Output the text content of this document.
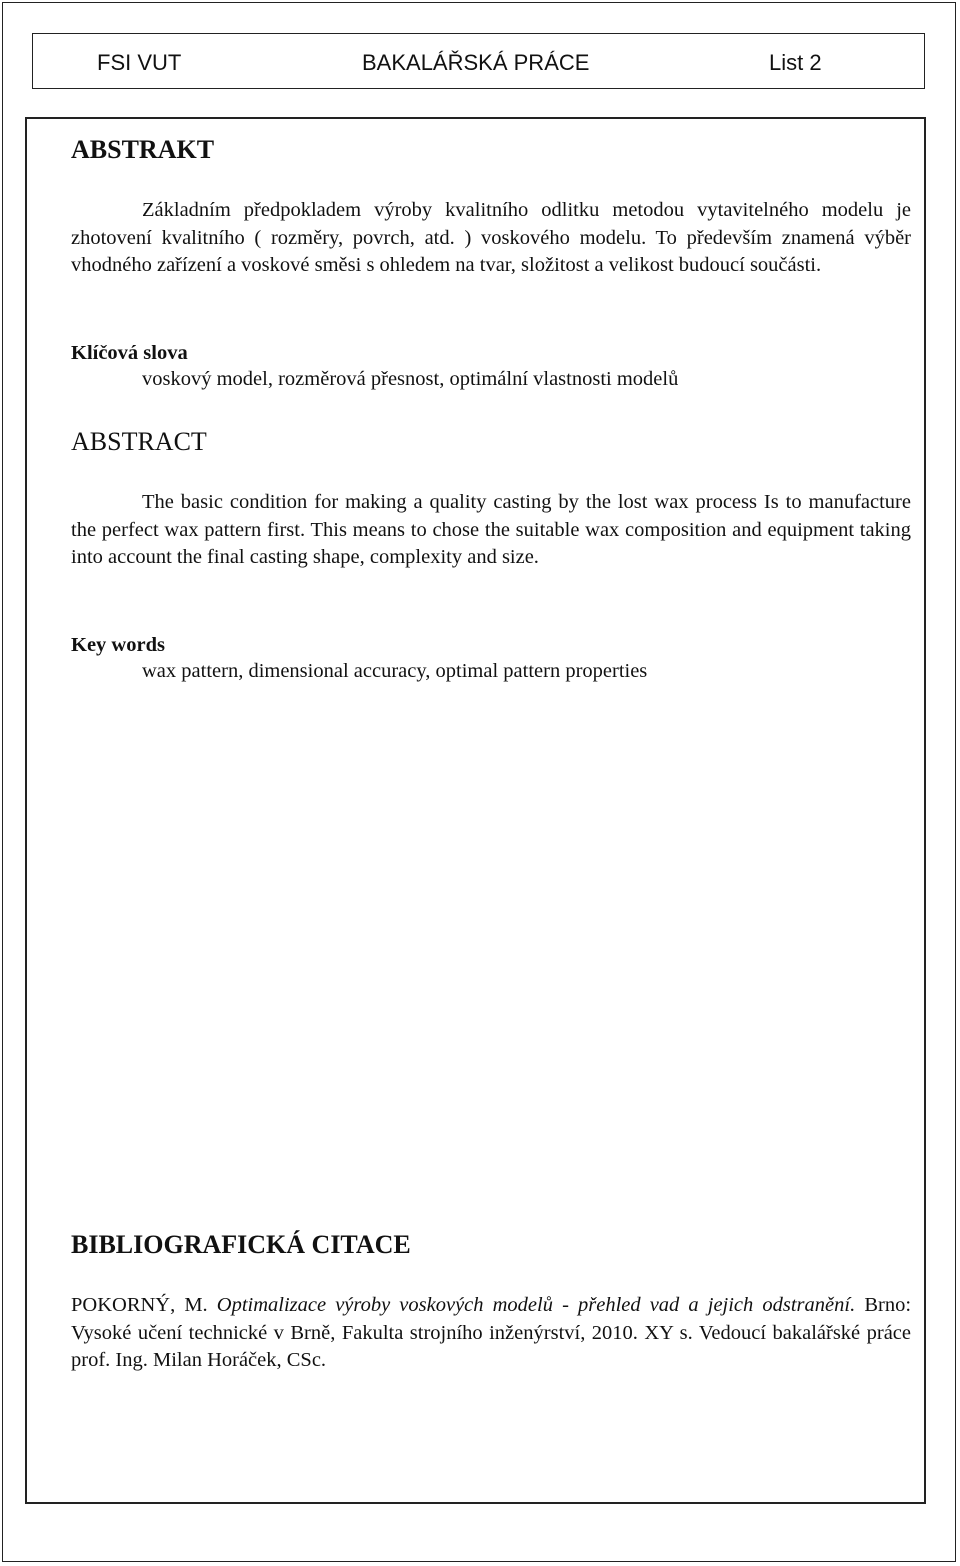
FSI VUT	BAKALÁŘSKÁ PRÁCE	List 2
ABSTRAKT
Základním předpokladem výroby kvalitního odlitku metodou vytavitelného modelu je zhotovení kvalitního ( rozměry, povrch, atd. ) voskového modelu. To především znamená výběr vhodného zařízení a voskové směsi s ohledem na tvar, složitost a velikost budoucí součásti.
Klíčová slova
voskový model, rozměrová přesnost, optimální vlastnosti modelů
ABSTRACT
The basic condition for making a quality casting by the lost wax process Is to manufacture the perfect wax pattern first. This means to chose the suitable wax composition and equipment taking into account the final casting shape, complexity and size.
Key words
wax pattern, dimensional accuracy, optimal pattern properties
BIBLIOGRAFICKÁ CITACE
POKORNÝ, M. Optimalizace výroby voskových modelů - přehled vad a jejich odstranění. Brno: Vysoké učení technické v Brně, Fakulta strojního inženýrství, 2010. XY s. Vedoucí bakalářské práce prof. Ing. Milan Horáček, CSc.
